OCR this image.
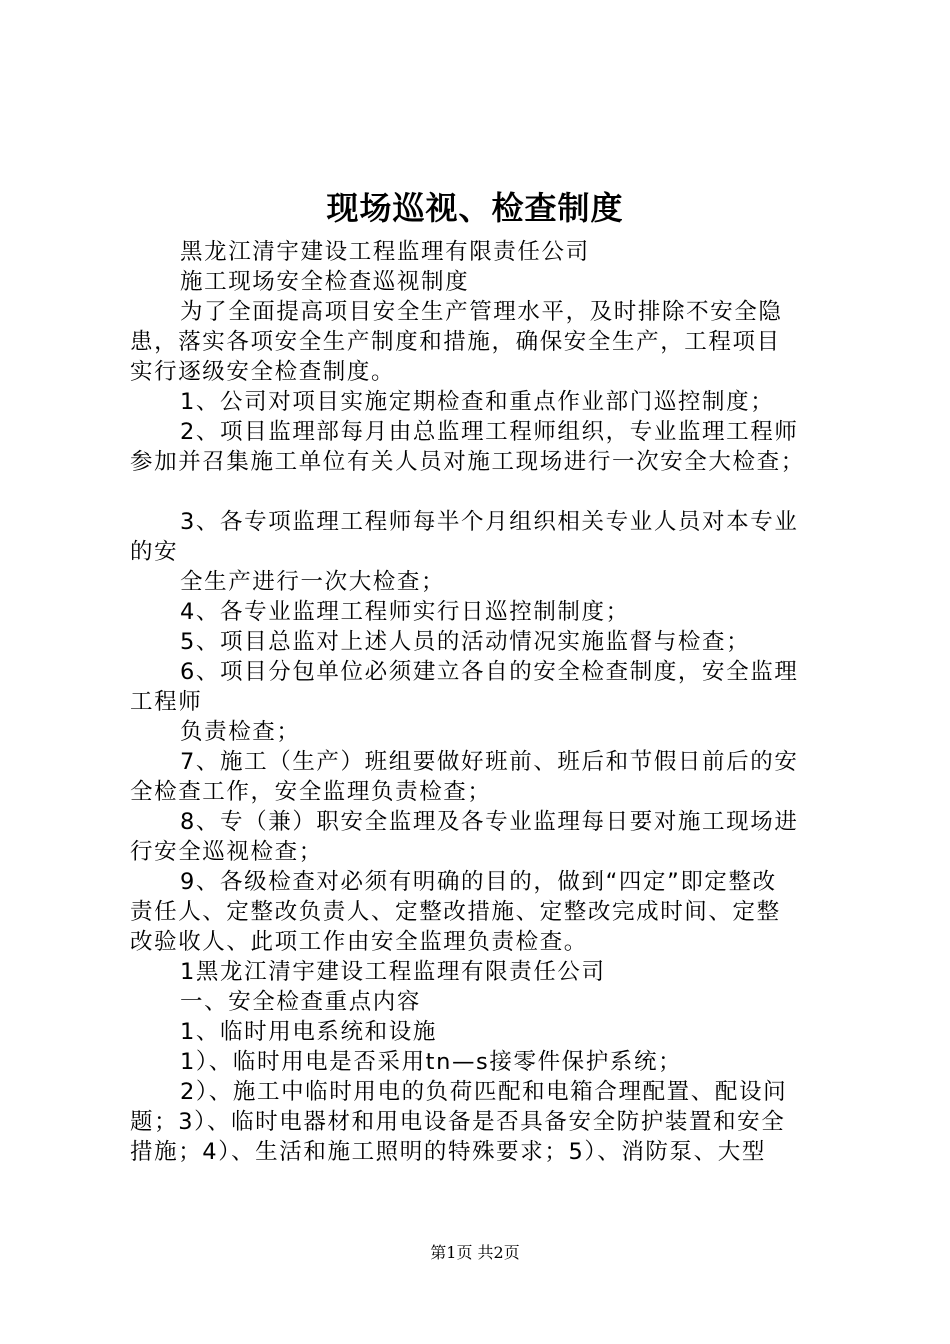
现场巡视、检查制度
黑龙江清宇建设工程监理有限责任公司
施工现场安全检查巡视制度
为了全面提高项目安全生产管理水平，及时排除不安全隐
患，落实各项安全生产制度和措施，确保安全生产，工程项目
实行逐级安全检查制度。
1、公司对项目实施定期检查和重点作业部门巡控制度；
2、项目监理部每月由总监理工程师组织，专业监理工程师
参加并召集施工单位有关人员对施工现场进行一次安全大检查；
3、各专项监理工程师每半个月组织相关专业人员对本专业
的安
全生产进行一次大检查；
4、各专业监理工程师实行日巡控制制度；
5、项目总监对上述人员的活动情况实施监督与检查；
6、项目分包单位必须建立各自的安全检查制度，安全监理
工程师
负责检查；
7、施工（生产）班组要做好班前、班后和节假日前后的安
全检查工作，安全监理负责检查；
8、专（兼）职安全监理及各专业监理每日要对施工现场进
行安全巡视检查；
9、各级检查对必须有明确的目的，做到“四定”即定整改
责任人、定整改负责人、定整改措施、定整改完成时间、定整
改验收人、此项工作由安全监理负责检查。
1黑龙江清宇建设工程监理有限责任公司
一、安全检查重点内容
1、临时用电系统和设施
1）、临时用电是否采用tn—s接零件保护系统；
2）、施工中临时用电的负荷匹配和电箱合理配置、配设问
题；3）、临时电器材和用电设备是否具备安全防护装置和安全
措施；4）、生活和施工照明的特殊要求；5）、消防泵、大型
第1页 共2页
